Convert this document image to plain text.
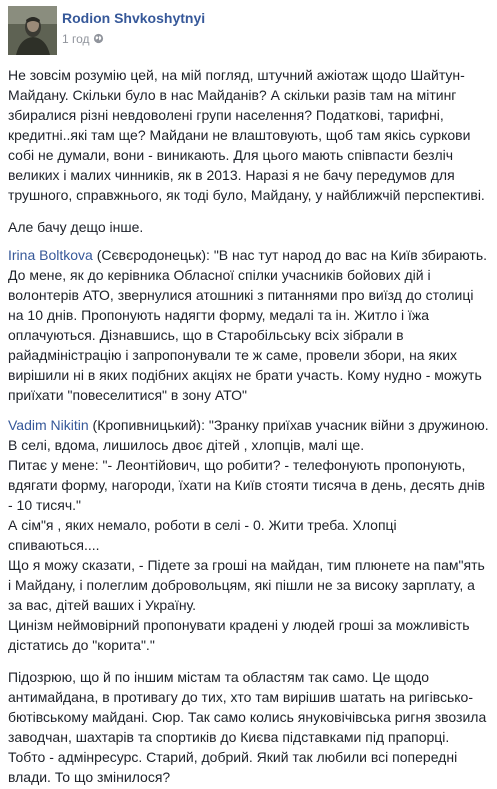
Rodion Shvkoshytnyi
1 год

Не зовсім розумію цей, на мій погляд, штучний ажіотаж щодо Шайтун-Майдану. Скільки було в нас Майданів? А скільки разів там на мітинг збиралися різні невдоволені групи населення? Податкові, тарифні, кредитні..які там ще? Майдани не влаштовують, щоб там якісь суркови собі не думали, вони - виникають. Для цього мають співпасти безліч великих і малих чинників, як в 2013. Наразі я не бачу передумов для трушного, справжнього, як тоді було, Майдану, у найближчій перспективі.

Але бачу дещо інше.

Irina Boltkova (Сєвєродонецьк): "В нас тут народ до вас на Київ збирають. До мене, як до керівника Обласної спілки учасників бойових дій і волонтерів АТО, звернулися атошникі з питаннями про виїзд до столиці на 10 днів. Пропонують надягти форму, медалі та ін. Житло і їжа оплачуються. Дізнавшись, що в Старобільську всіх зібрали в райадміністрацію і запропонували те ж саме, провели збори, на яких вирішили ні в яких подібних акціях не брати участь. Кому нудно - можуть приїхати "повеселитися" в зону АТО"
Vadim Nikitin (Кропивницький): "Зранку приїхав учасник війни з дружиною.
В селі, вдома, лишилось двоє дітей , хлопців, малі ще.
Питає у мене: "- Леонтійович, що робити? - телефонують пропонують, вдягати форму, нагороди, їхати на Київ стояти тисяча в день, десять днів - 10 тисяч."
А сім"я , яких немало, роботи в селі - 0. Жити треба. Хлопці спиваються....
Що я можу сказати, - Підете за гроші на майдан, тим плюнете на пам"ять і Майдану, і полеглим добровольцям, які пішли не за високу зарплату, а за вас, дітей ваших і Україну.
Цинізм неймовірний пропонувати крадені у людей гроші за можливість дістатись до "корита"."

Підозрюю, що й по іншим містам та областям так само. Це щодо антимайдана, в противагу до тих, хто там вирішив шатать на ригівсько-бютівському майдані. Сюр. Так само колись януковічівська ригня звозила заводчан, шахтарів та спортиків до Києва підставками під прапорці. Тобто - адмінресурс. Старий, добрий. Який так любили всі попередні влади. То що змінилося?
